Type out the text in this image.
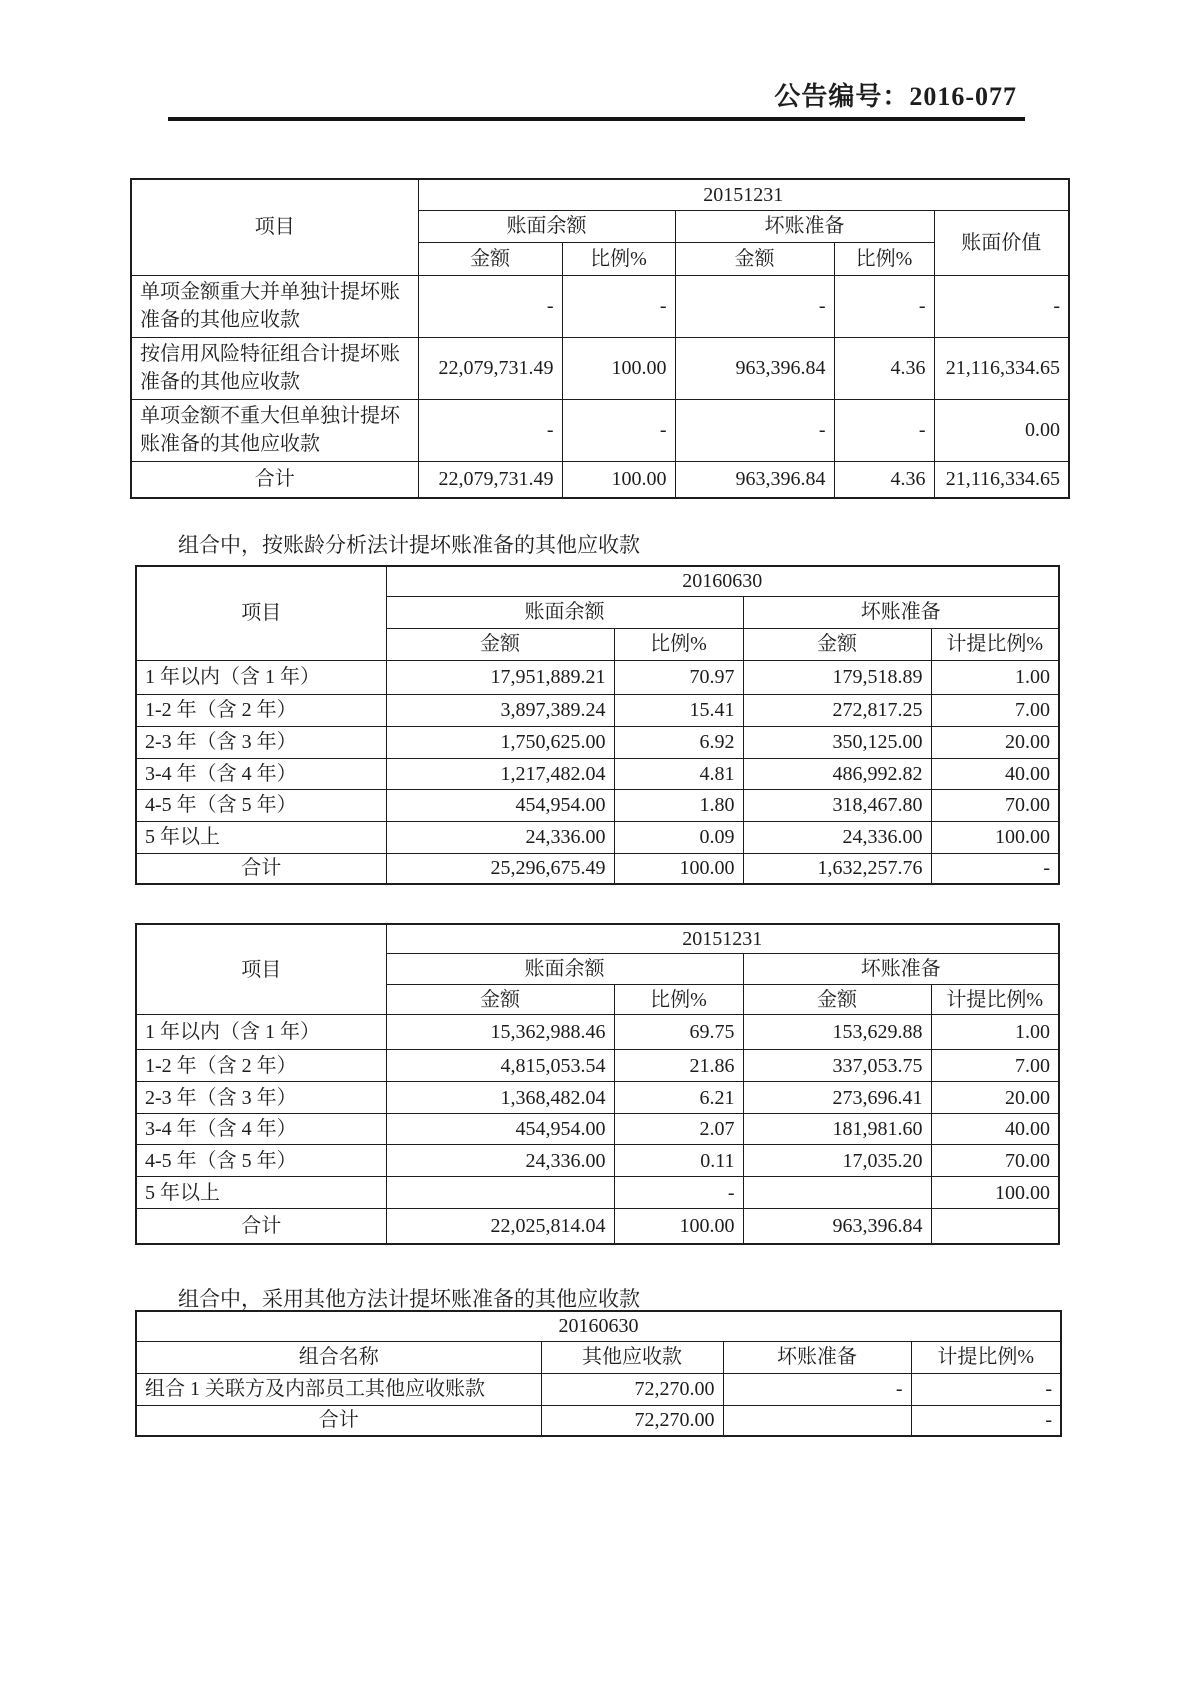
公告编号：2016-077
项目	20151231				
	账面余额		坏账准备		账面价值
	金额	比例%	金额	比例%	
单项金额重大并单独计提坏账准备的其他应收款	-	-	-	-	-
按信用风险特征组合计提坏账准备的其他应收款	22,079,731.49	100.00	963,396.84	4.36	21,116,334.65
单项金额不重大但单独计提坏账准备的其他应收款	-	-	-	-	0.00
合计	22,079,731.49	100.00	963,396.84	4.36	21,116,334.65
组合中，按账龄分析法计提坏账准备的其他应收款
项目	20160630			
	账面余额		坏账准备	
	金额	比例%	金额	计提比例%
1 年以内（含 1 年）	17,951,889.21	70.97	179,518.89	1.00
1-2 年（含 2 年）	3,897,389.24	15.41	272,817.25	7.00
2-3 年（含 3 年）	1,750,625.00	6.92	350,125.00	20.00
3-4 年（含 4 年）	1,217,482.04	4.81	486,992.82	40.00
4-5 年（含 5 年）	454,954.00	1.80	318,467.80	70.00
5 年以上	24,336.00	0.09	24,336.00	100.00
合计	25,296,675.49	100.00	1,632,257.76	-
项目	20151231			
	账面余额		坏账准备	
	金额	比例%	金额	计提比例%
1 年以内（含 1 年）	15,362,988.46	69.75	153,629.88	1.00
1-2 年（含 2 年）	4,815,053.54	21.86	337,053.75	7.00
2-3 年（含 3 年）	1,368,482.04	6.21	273,696.41	20.00
3-4 年（含 4 年）	454,954.00	2.07	181,981.60	40.00
4-5 年（含 5 年）	24,336.00	0.11	17,035.20	70.00
5 年以上		-		100.00
合计	22,025,814.04	100.00	963,396.84	
组合中，采用其他方法计提坏账准备的其他应收款
20160630			
组合名称	其他应收款	坏账准备	计提比例%
组合 1 关联方及内部员工其他应收账款	72,270.00	-	-
合计	72,270.00		-
